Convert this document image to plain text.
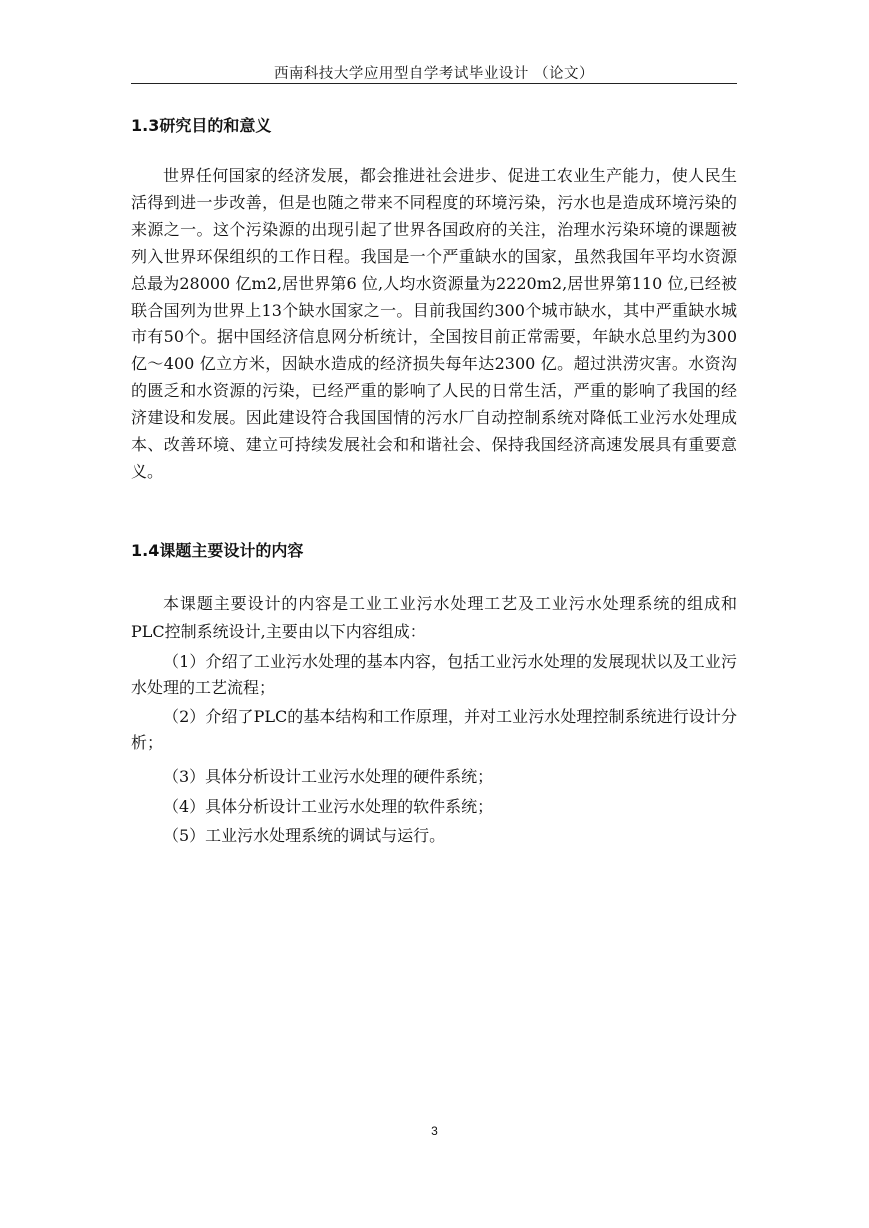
西南科技大学应用型自学考试毕业设计 （论文）
1.3研究目的和意义

世界任何国家的经济发展，都会推进社会进步、促进工农业生产能力，使人民生活得到进一步改善，但是也随之带来不同程度的环境污染，污水也是造成环境污染的来源之一。这个污染源的出现引起了世界各国政府的关注，治理水污染环境的课题被列入世界环保组织的工作日程。我国是一个严重缺水的国家，虽然我国年平均水资源总最为28000 亿m2,居世界第6 位,人均水资源量为2220m2,居世界第110 位,已经被联合国列为世界上13个缺水国家之一。目前我国约300个城市缺水，其中严重缺水城市有50个。据中国经济信息网分析统计，全国按目前正常需要，年缺水总里约为300 亿～400 亿立方米，因缺水造成的经济损失每年达2300 亿。超过洪涝灾害。水资沟的匮乏和水资源的污染，已经严重的影响了人民的日常生活，严重的影响了我国的经济建设和发展。因此建设符合我国国情的污水厂自动控制系统对降低工业污水处理成本、改善环境、建立可持续发展社会和和谐社会、保持我国经济高速发展具有重要意义。

1.4课题主要设计的内容

本课题主要设计的内容是工业工业污水处理工艺及工业污水处理系统的组成和PLC控制系统设计,主要由以下内容组成：

（1）介绍了工业污水处理的基本内容，包括工业污水处理的发展现状以及工业污水处理的工艺流程；

（2）介绍了PLC的基本结构和工作原理，并对工业污水处理控制系统进行设计分析；

（3）具体分析设计工业污水处理的硬件系统；

（4）具体分析设计工业污水处理的软件系统；

（5）工业污水处理系统的调试与运行。

3
